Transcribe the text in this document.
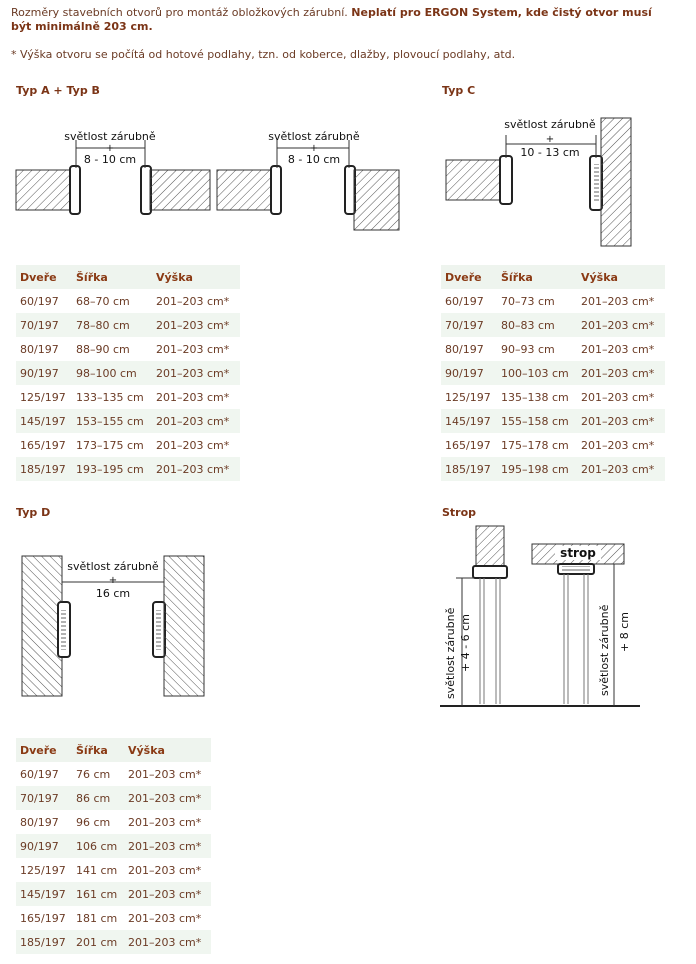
Rozměry stavebních otvorů pro montáž obložkových zárubní. Neplatí pro ERGON System, kde čistý otvor musí být minimálně 203 cm.
* Výška otvoru se počítá od hotové podlahy, tzn. od koberce, dlažby, plovoucí podlahy, atd.
Typ A + Typ B	Typ C
Typ D	Strop
světlost zárubně
+
8 - 10 cm
světlost zárubně
+
8 - 10 cm
světlost zárubně
+
10 - 13 cm
světlost zárubně
+
16 cm
strop
světlost zárubně + 4 - 6 cm	světlost zárubně + 8 cm
Dveře	Šířka	Výška
60/197	68–70 cm	201–203 cm*
70/197	78–80 cm	201–203 cm*
80/197	88–90 cm	201–203 cm*
90/197	98–100 cm	201–203 cm*
125/197	133–135 cm	201–203 cm*
145/197	153–155 cm	201–203 cm*
165/197	173–175 cm	201–203 cm*
185/197	193–195 cm	201–203 cm*
Dveře	Šířka	Výška
60/197	70–73 cm	201–203 cm*
70/197	80–83 cm	201–203 cm*
80/197	90–93 cm	201–203 cm*
90/197	100–103 cm	201–203 cm*
125/197	135–138 cm	201–203 cm*
145/197	155–158 cm	201–203 cm*
165/197	175–178 cm	201–203 cm*
185/197	195–198 cm	201–203 cm*
Dveře	Šířka	Výška
60/197	76 cm	201–203 cm*
70/197	86 cm	201–203 cm*
80/197	96 cm	201–203 cm*
90/197	106 cm	201–203 cm*
125/197	141 cm	201–203 cm*
145/197	161 cm	201–203 cm*
165/197	181 cm	201–203 cm*
185/197	201 cm	201–203 cm*
